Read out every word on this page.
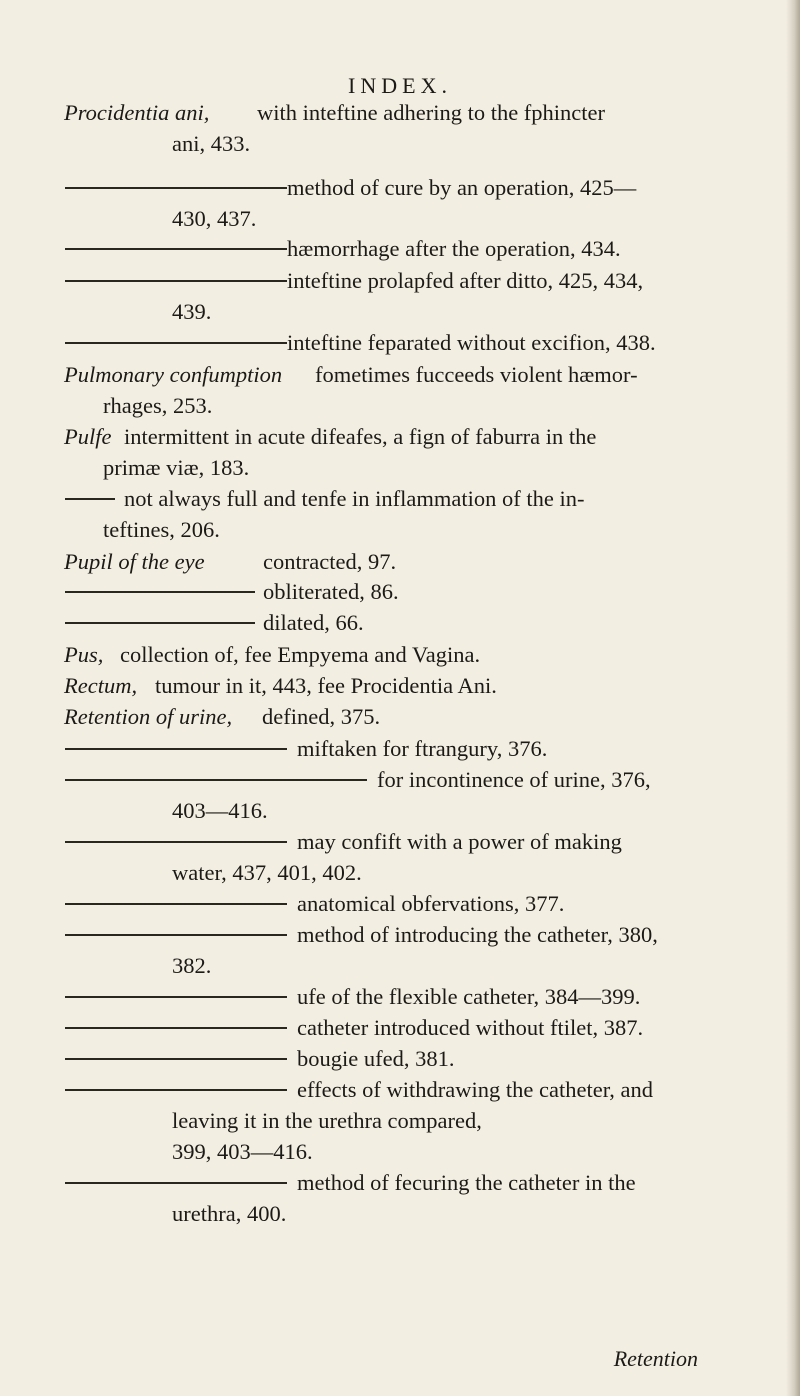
INDEX.
Procidentia ani, with inteftine adhering to the fphincter
ani, 433.
method of cure by an operation, 425—
430, 437.
hæmorrhage after the operation, 434.
inteftine prolapfed after ditto, 425, 434,
439.
inteftine feparated without excifion, 438.
Pulmonary confumption fometimes fucceeds violent hæmor-
rhages, 253.
Pulfe intermittent in acute difeafes, a fign of faburra in the
primæ viæ, 183.
not always full and tenfe in inflammation of the in-
teftines, 206.
Pupil of the eye	contracted, 97.
obliterated, 86.
dilated, 66.
Pus, collection of, fee Empyema and Vagina.
Rectum, tumour in it, 443, fee Procidentia Ani.
Retention of urine, defined, 375.
miftaken for ftrangury, 376.
for incontinence of urine, 376,
403—416.
may confift with a power of making
water, 437, 401, 402.
anatomical obfervations, 377.
method of introducing the catheter, 380,
382.
ufe of the flexible catheter, 384—399.
catheter introduced without ftilet, 387.
bougie ufed, 381.
effects of withdrawing the catheter, and
leaving it in the urethra compared,
399, 403—416.
method of fecuring the catheter in the
urethra, 400.
Retention
